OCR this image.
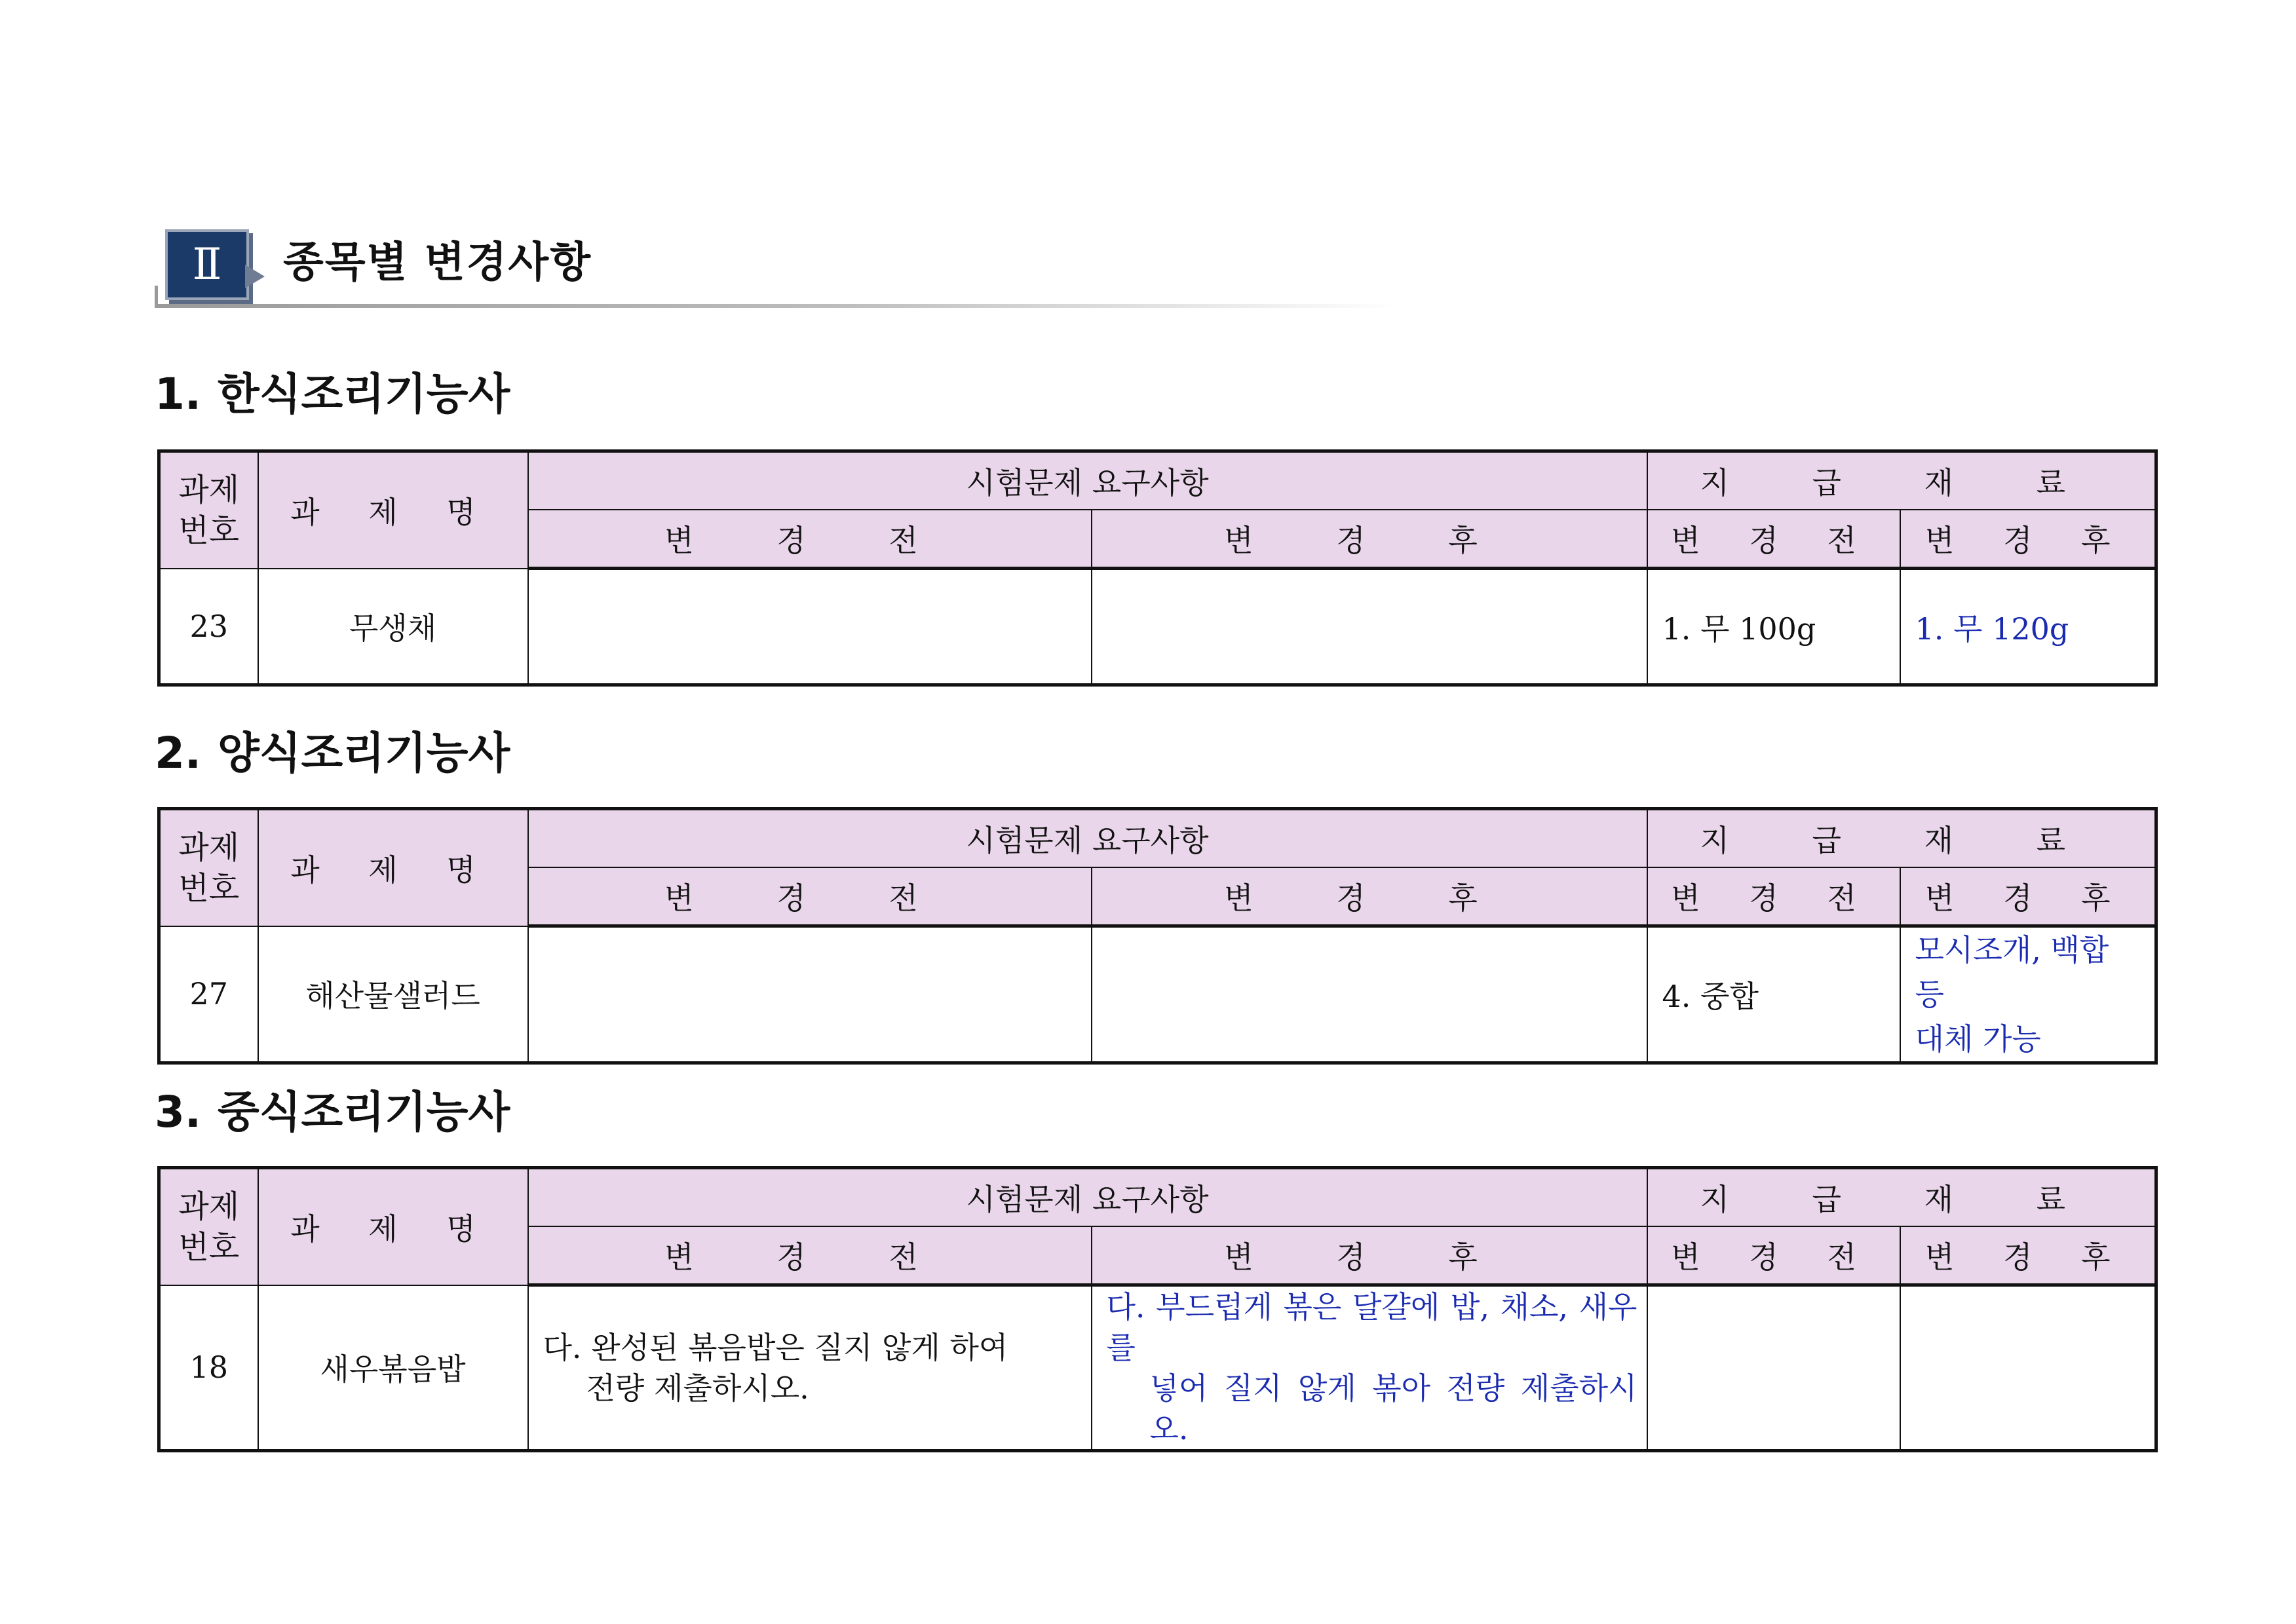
Ⅱ	종목별 변경사항
1. 한식조리기능사
과제
번호	과 제 명	시험문제 요구사항		지 급 재 료	
		변 경 전	변 경 후	변 경 전	변 경 후
23	무생채			1. 무 100g	1. 무 120g
2. 양식조리기능사
과제
번호	과 제 명	시험문제 요구사항		지 급 재 료	
		변 경 전	변 경 후	변 경 전	변 경 후
27	해산물샐러드			4. 중합	모시조개, 백합 등
대체 가능
3. 중식조리기능사
과제
번호	과 제 명	시험문제 요구사항		지 급 재 료	
		변 경 전	변 경 후	변 경 전	변 경 후
18	새우볶음밥	다. 완성된 볶음밥은 질지 않게 하여
전량 제출하시오.	다. 부드럽게 볶은 달걀에 밥, 채소, 새우를
넣어 질지 않게 볶아 전량 제출하시오.		
